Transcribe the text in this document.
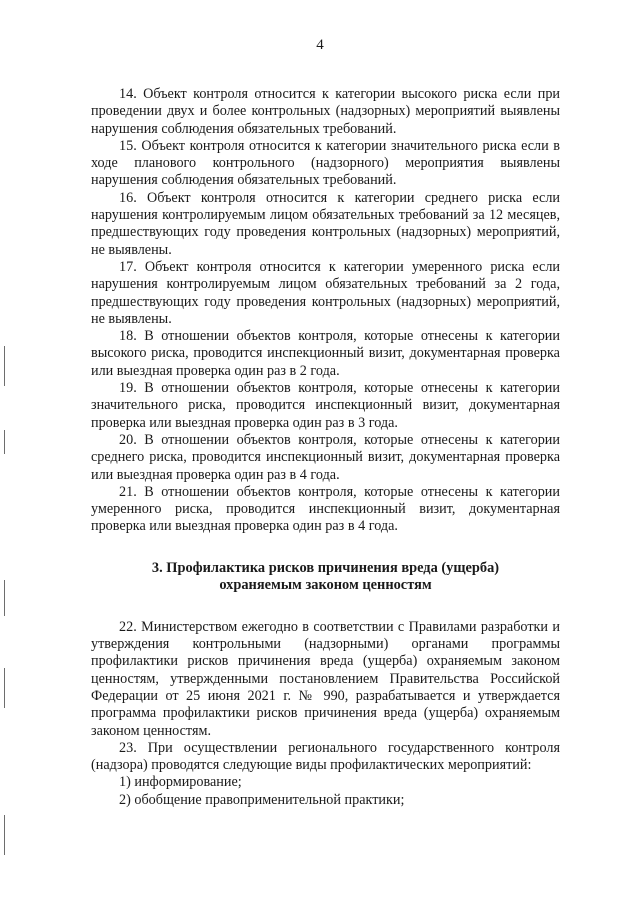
4

14. Объект контроля относится к категории высокого риска если при проведении двух и более контрольных (надзорных) мероприятий выявлены нарушения соблюдения обязательных требований.

15. Объект контроля относится к категории значительного риска если в ходе планового контрольного (надзорного) мероприятия выявлены нарушения соблюдения обязательных требований.

16. Объект контроля относится к категории среднего риска если нарушения контролируемым лицом обязательных требований за 12 месяцев, предшествующих году проведения контрольных (надзорных) мероприятий, не выявлены.

17. Объект контроля относится к категории умеренного риска если нарушения контролируемым лицом обязательных требований за 2 года, предшествующих году проведения контрольных (надзорных) мероприятий, не выявлены.

18. В отношении объектов контроля, которые отнесены к категории высокого риска, проводится инспекционный визит, документарная проверка или выездная проверка один раз в 2 года.

19. В отношении объектов контроля, которые отнесены к категории значительного риска, проводится инспекционный визит, документарная проверка или выездная проверка один раз в 3 года.

20. В отношении объектов контроля, которые отнесены к категории среднего риска, проводится инспекционный визит, документарная проверка или выездная проверка один раз в 4 года.

21. В отношении объектов контроля, которые отнесены к категории умеренного риска, проводится инспекционный визит, документарная проверка или выездная проверка один раз в 4 года.

3. Профилактика рисков причинения вреда (ущерба)
охраняемым законом ценностям

22. Министерством ежегодно в соответствии с Правилами разработки и утверждения контрольными (надзорными) органами программы профилактики рисков причинения вреда (ущерба) охраняемым законом ценностям, утвержденными постановлением Правительства Российской Федерации от 25 июня 2021 г. № 990, разрабатывается и утверждается программа профилактики рисков причинения вреда (ущерба) охраняемым законом ценностям.

23. При осуществлении регионального государственного контроля (надзора) проводятся следующие виды профилактических мероприятий:

1) информирование;

2) обобщение правоприменительной практики;
